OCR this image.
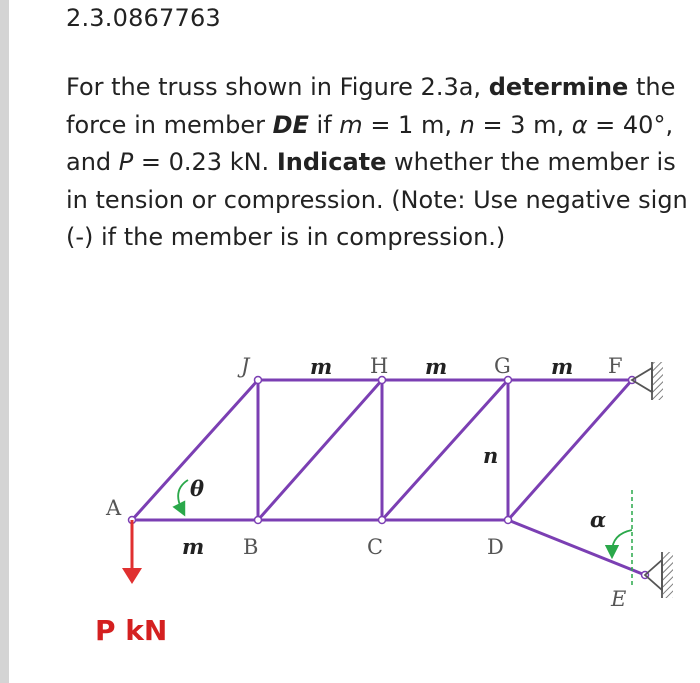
2.3.0867763

For the truss shown in Figure 2.3a, determine the force in member DE if m = 1 m, n = 3 m, α = 40°, and P = 0.23 kN. Indicate whether the member is in tension or compression. (Note: Use negative sign (-) if the member is in compression.)

J	m H m G m F
n
A
θ
α
m B	C	D
E
P kN
